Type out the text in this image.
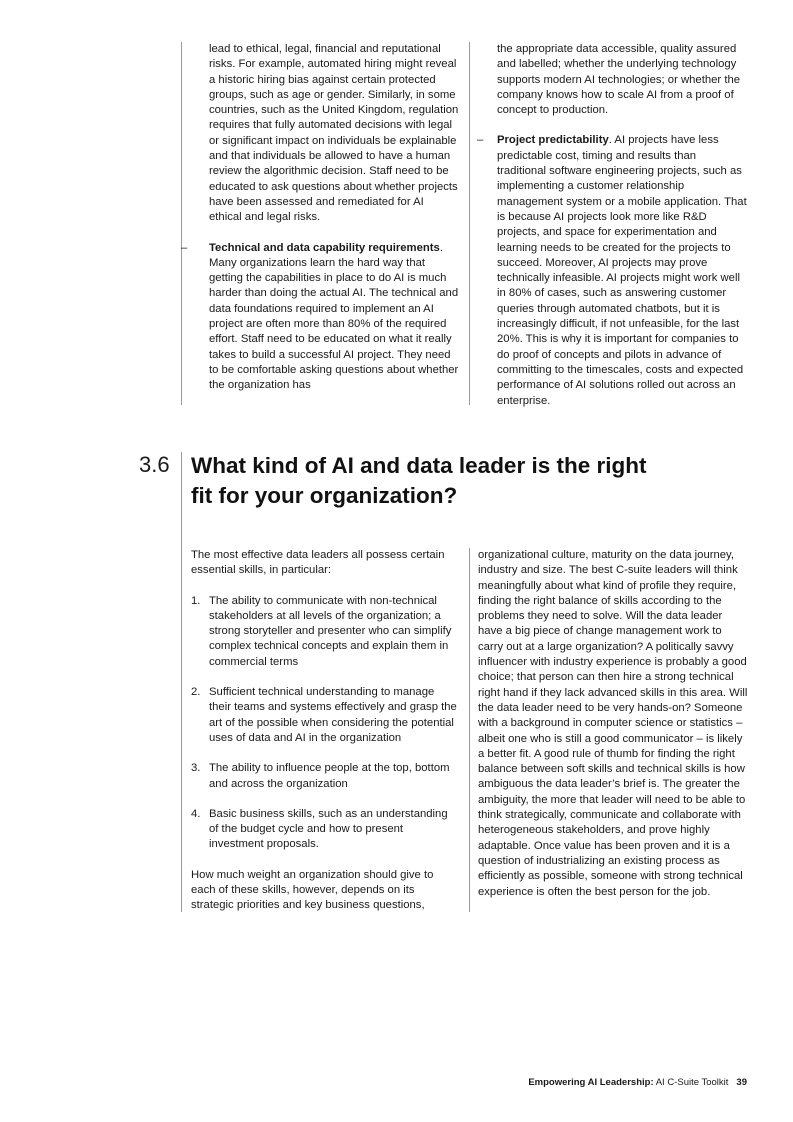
lead to ethical, legal, financial and reputational risks. For example, automated hiring might reveal a historic hiring bias against certain protected groups, such as age or gender. Similarly, in some countries, such as the United Kingdom, regulation requires that fully automated decisions with legal or significant impact on individuals be explainable and that individuals be allowed to have a human review the algorithmic decision. Staff need to be educated to ask questions about whether projects have been assessed and remediated for AI ethical and legal risks.

– Technical and data capability requirements. Many organizations learn the hard way that getting the capabilities in place to do AI is much harder than doing the actual AI. The technical and data foundations required to implement an AI project are often more than 80% of the required effort. Staff need to be educated on what it really takes to build a successful AI project. They need to be comfortable asking questions about whether the organization has

the appropriate data accessible, quality assured and labelled; whether the underlying technology supports modern AI technologies; or whether the company knows how to scale AI from a proof of concept to production.

– Project predictability. AI projects have less predictable cost, timing and results than traditional software engineering projects, such as implementing a customer relationship management system or a mobile application. That is because AI projects look more like R&D projects, and space for experimentation and learning needs to be created for the projects to succeed. Moreover, AI projects may prove technically infeasible. AI projects might work well in 80% of cases, such as answering customer queries through automated chatbots, but it is increasingly difficult, if not unfeasible, for the last 20%. This is why it is important for companies to do proof of concepts and pilots in advance of committing to the timescales, costs and expected performance of AI solutions rolled out across an enterprise.
3.6 What kind of AI and data leader is the right fit for your organization?

The most effective data leaders all possess certain essential skills, in particular:

1. The ability to communicate with non-technical stakeholders at all levels of the organization; a strong storyteller and presenter who can simplify complex technical concepts and explain them in commercial terms
2. Sufficient technical understanding to manage their teams and systems effectively and grasp the art of the possible when considering the potential uses of data and AI in the organization
3. The ability to influence people at the top, bottom and across the organization
4. Basic business skills, such as an understanding of the budget cycle and how to present investment proposals.

How much weight an organization should give to each of these skills, however, depends on its strategic priorities and key business questions,

organizational culture, maturity on the data journey, industry and size. The best C-suite leaders will think meaningfully about what kind of profile they require, finding the right balance of skills according to the problems they need to solve. Will the data leader have a big piece of change management work to carry out at a large organization? A politically savvy influencer with industry experience is probably a good choice; that person can then hire a strong technical right hand if they lack advanced skills in this area. Will the data leader need to be very hands-on? Someone with a background in computer science or statistics – albeit one who is still a good communicator – is likely a better fit. A good rule of thumb for finding the right balance between soft skills and technical skills is how ambiguous the data leader’s brief is. The greater the ambiguity, the more that leader will need to be able to think strategically, communicate and collaborate with heterogeneous stakeholders, and prove highly adaptable. Once value has been proven and it is a question of industrializing an existing process as efficiently as possible, someone with strong technical experience is often the best person for the job.

Empowering AI Leadership: AI C-Suite Toolkit 39
